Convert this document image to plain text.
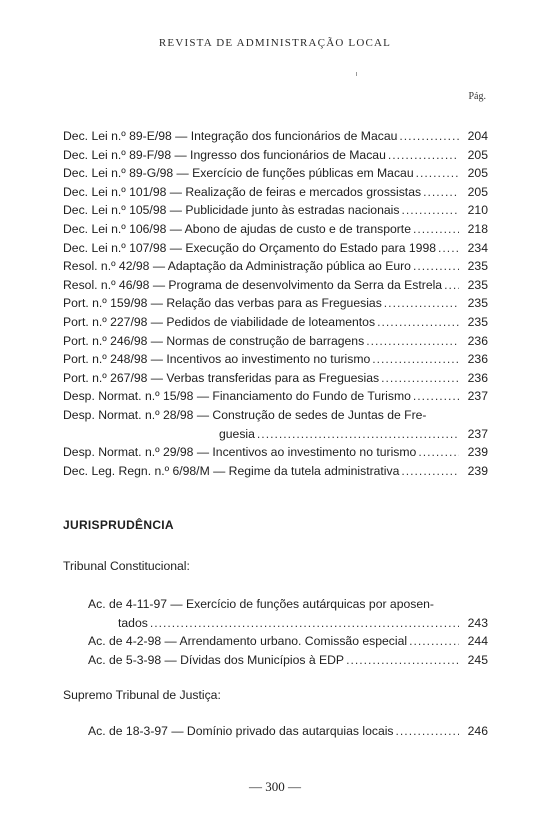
REVISTA DE ADMINISTRAÇÃO LOCAL
Pág.
Dec. Lei n.º 89-E/98 — Integração dos funcionários de Macau .....	204
Dec. Lei n.º 89-F/98 — Ingresso dos funcionários de Macau .....	205
Dec. Lei n.º 89-G/98 — Exercício de funções públicas em Macau .....	205
Dec. Lei n.º 101/98 — Realização de feiras e mercados grossistas .....	205
Dec. Lei n.º 105/98 — Publicidade junto às estradas nacionais .....	210
Dec. Lei n.º 106/98 — Abono de ajudas de custo e de transporte .....	218
Dec. Lei n.º 107/98 — Execução do Orçamento do Estado para 1998 .....	234
Resol. n.º 42/98 — Adaptação da Administração pública ao Euro .....	235
Resol. n.º 46/98 — Programa de desenvolvimento da Serra da Estrela .....	235
Port. n.º 159/98 — Relação das verbas para as Freguesias .....	235
Port. n.º 227/98 — Pedidos de viabilidade de loteamentos .....	235
Port. n.º 246/98 — Normas de construção de barragens .....	236
Port. n.º 248/98 — Incentivos ao investimento no turismo .....	236
Port. n.º 267/98 — Verbas transferidas para as Freguesias .....	236
Desp. Normat. n.º 15/98 — Financiamento do Fundo de Turismo .....	237
Desp. Normat. n.º 28/98 — Construção de sedes de Juntas de Fre-
guesia .....	237
Desp. Normat. n.º 29/98 — Incentivos ao investimento no turismo .....	239
Dec. Leg. Regn. n.º 6/98/M — Regime da tutela administrativa .....	239
JURISPRUDÊNCIA
Tribunal Constitucional:
Ac. de 4-11-97 — Exercício de funções autárquicas por aposen-
tados .....	243
Ac. de 4-2-98 — Arrendamento urbano. Comissão especial .....	244
Ac. de 5-3-98 — Dívidas dos Municípios à EDP .....	245
Supremo Tribunal de Justiça:
Ac. de 18-3-97 — Domínio privado das autarquias locais .....	246
— 300 —
